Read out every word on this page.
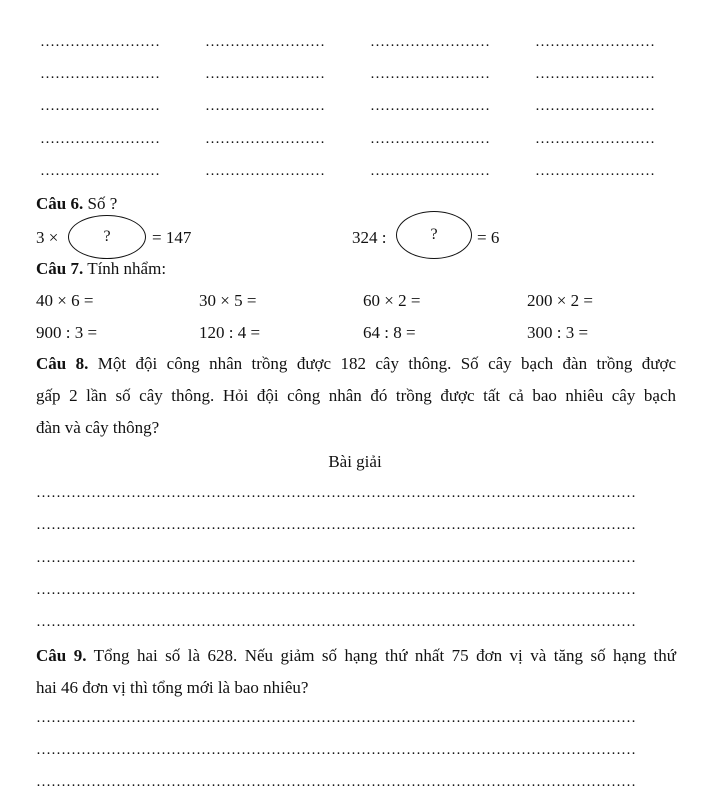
……………………	……………………	……………………	……………………
……………………	……………………	……………………	……………………
……………………	……………………	……………………	……………………
……………………	……………………	……………………	……………………
……………………	……………………	……………………	……………………
Câu 6. Số ?
3 ×	? = 147	324 :	? = 6
Câu 7. Tính nhẩm:
40 × 6 =	30 × 5 =	60 × 2 =	200 × 2 =
900 : 3 =	120 : 4 =	64 : 8 =	300 : 3 =
Câu 8. Một đội công nhân trồng được 182 cây thông. Số cây bạch đàn trồng được
gấp 2 lần số cây thông. Hỏi đội công nhân đó trồng được tất cả bao nhiêu cây bạch
đàn và cây thông?
Bài giải
…………………………………………………………………………………………………………
…………………………………………………………………………………………………………
…………………………………………………………………………………………………………
…………………………………………………………………………………………………………
…………………………………………………………………………………………………………
Câu 9. Tổng hai số là 628. Nếu giảm số hạng thứ nhất 75 đơn vị và tăng số hạng thứ
hai 46 đơn vị thì tổng mới là bao nhiêu?
…………………………………………………………………………………………………………
…………………………………………………………………………………………………………
…………………………………………………………………………………………………………
